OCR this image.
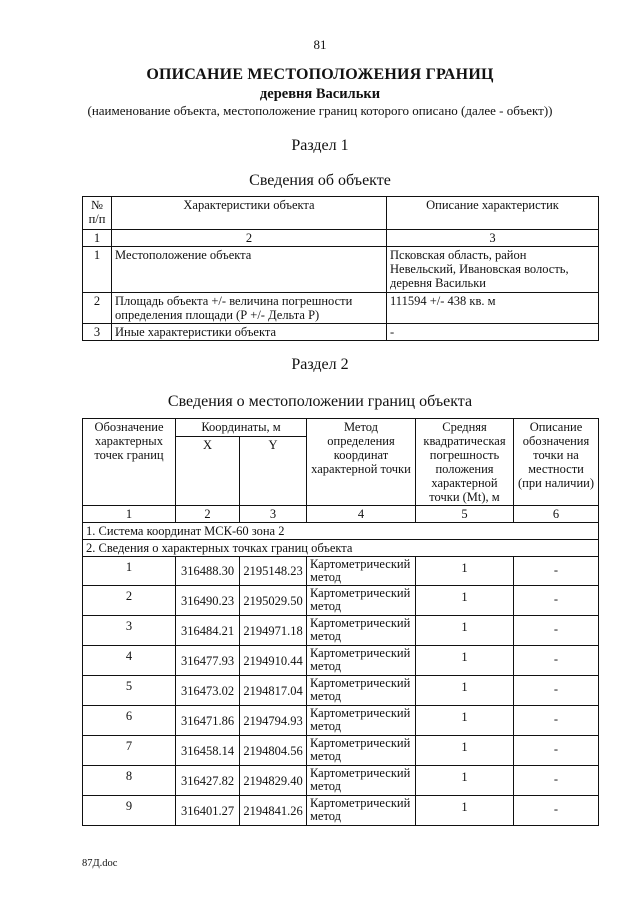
81
ОПИСАНИЕ МЕСТОПОЛОЖЕНИЯ ГРАНИЦ
деревня Васильки
(наименование объекта, местоположение границ которого описано (далее - объект))
Раздел 1
Сведения об объекте
№ п/п	Характеристики объекта	Описание характеристик
1	2	3
1	Местоположение объекта	Псковская область, район Невельский, Ивановская волость, деревня Васильки
2	Площадь объекта +/- величина погрешности определения площади (Р +/- Дельта Р)	111594 +/- 438 кв. м
3	Иные характеристики объекта	-
Раздел 2
Сведения о местоположении границ объекта
Обозначение характерных точек границ	Координаты, м		Метод определения координат характерной точки	Средняя квадратическая погрешность положения характерной точки (Mt), м	Описание обозначения точки на местности (при наличии)
	X	Y			
1	2	3	4	5	6
1. Система координат МСК-60 зона 2					
2. Сведения о характерных точках границ объекта					
1	316488.30	2195148.23	Картометрический метод	1	-
2	316490.23	2195029.50	Картометрический метод	1	-
3	316484.21	2194971.18	Картометрический метод	1	-
4	316477.93	2194910.44	Картометрический метод	1	-
5	316473.02	2194817.04	Картометрический метод	1	-
6	316471.86	2194794.93	Картометрический метод	1	-
7	316458.14	2194804.56	Картометрический метод	1	-
8	316427.82	2194829.40	Картометрический метод	1	-
9	316401.27	2194841.26	Картометрический метод	1	-
87Д.doc
